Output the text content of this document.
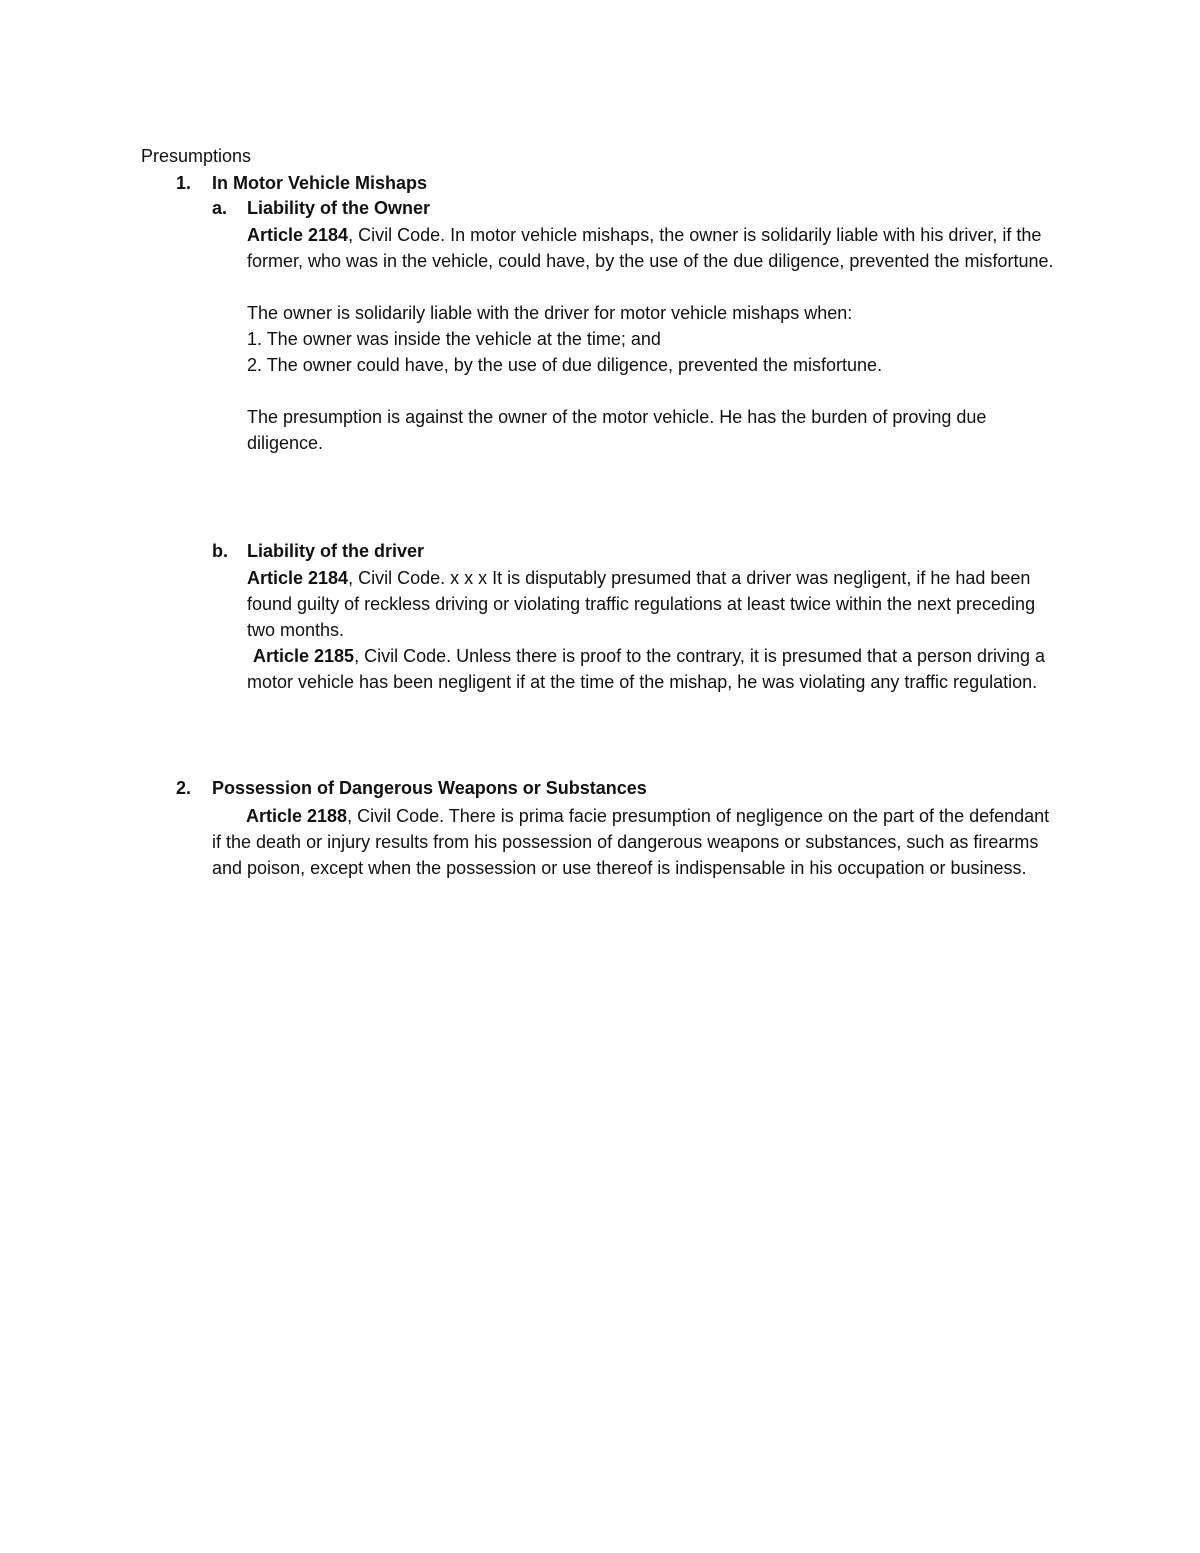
Presumptions
1. In Motor Vehicle Mishaps
a. Liability of the Owner

Article 2184, Civil Code. In motor vehicle mishaps, the owner is solidarily liable with his driver, if the former, who was in the vehicle, could have, by the use of the due diligence, prevented the misfortune.

The owner is solidarily liable with the driver for motor vehicle mishaps when:

1. The owner was inside the vehicle at the time; and

2. The owner could have, by the use of due diligence, prevented the misfortune.

The presumption is against the owner of the motor vehicle. He has the burden of proving due diligence.

b. Liability of the driver

Article 2184, Civil Code. x x x It is disputably presumed that a driver was negligent, if he had been found guilty of reckless driving or violating traffic regulations at least twice within the next preceding two months.

Article 2185, Civil Code. Unless there is proof to the contrary, it is presumed that a person driving a motor vehicle has been negligent if at the time of the mishap, he was violating any traffic regulation.

2. Possession of Dangerous Weapons or Substances

Article 2188, Civil Code. There is prima facie presumption of negligence on the part of the defendant if the death or injury results from his possession of dangerous weapons or substances, such as firearms and poison, except when the possession or use thereof is indispensable in his occupation or business.
